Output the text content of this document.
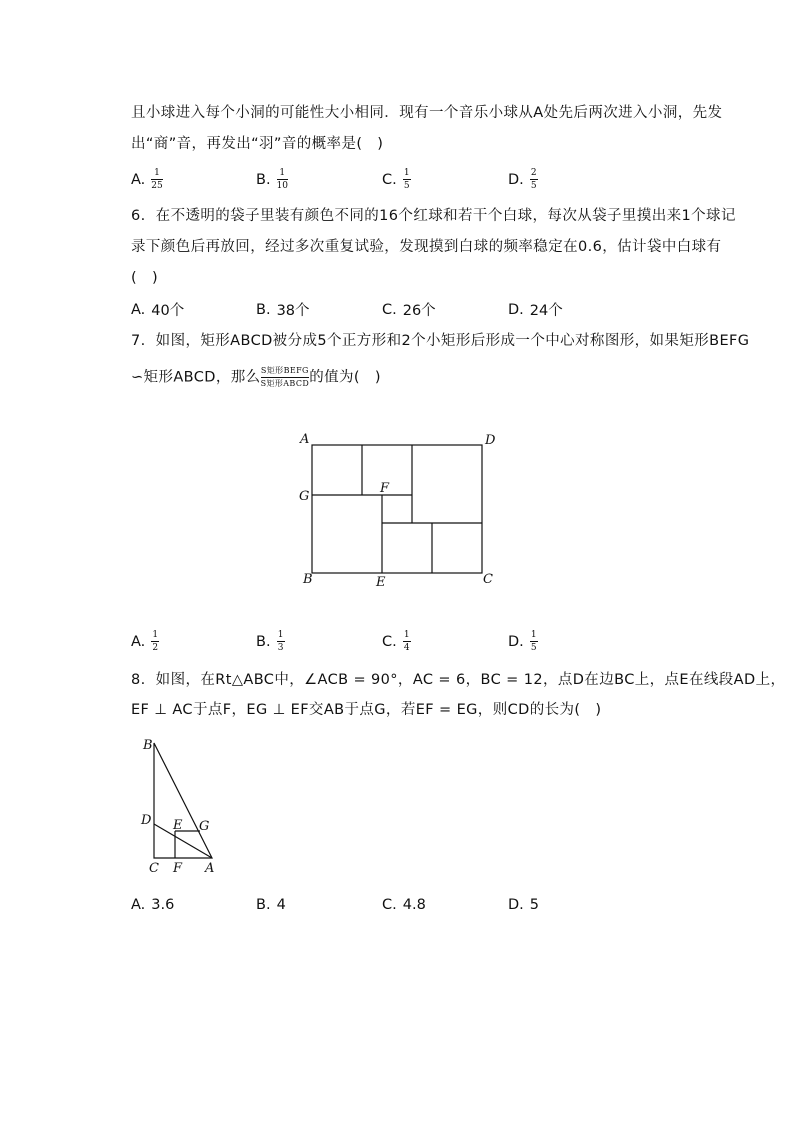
且小球进入每个小洞的可能性大小相同．现有一个音乐小球从A处先后两次进入小洞，先发
出“商”音，再发出“羽”音的概率是(　)
A. $\frac{1}{25}$	B. $\frac{1}{10}$	C. $\frac{1}{5}$	D. $\frac{2}{5}$
6. 在不透明的袋子里装有颜色不同的16个红球和若干个白球，每次从袋子里摸出来1个球记
录下颜色后再放回，经过多次重复试验，发现摸到白球的频率稳定在0.6，估计袋中白球有
(　)
A. 40个	B. 38个	C. 26个	D. 24个
7. 如图，矩形ABCD被分成5个正方形和2个小矩形后形成一个中心对称图形，如果矩形BEFG
∽矩形ABCD，那么 $\frac{\text{S矩形BEFG}}{\text{S矩形ABCD}}$ 的值为(　)
A	D
G
F
B	E	C
A. $\frac{1}{2}$	B. $\frac{1}{3}$	C. $\frac{1}{4}$	D. $\frac{1}{5}$
8. 如图，在Rt△ABC中，∠ACB = 90°，AC = 6，BC = 12，点D在边BC上，点E在线段AD上，
EF ⊥ AC于点F，EG ⊥ EF交AB于点G，若EF = EG，则CD的长为(　)
B
D E G
C F A
A. 3.6	B. 4	C. 4.8	D. 5
